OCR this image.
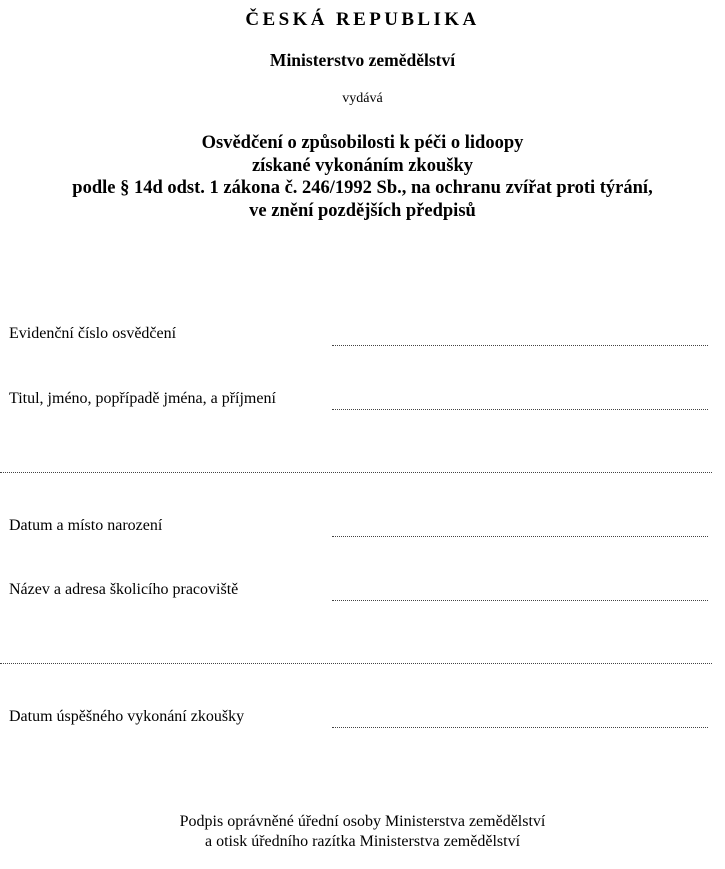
ČESKÁ REPUBLIKA
Ministerstvo zemědělství
vydává
Osvědčení o způsobilosti k péči o lidoopy
získané vykonáním zkoušky
podle § 14d odst. 1 zákona č. 246/1992 Sb., na ochranu zvířat proti týrání,
ve znění pozdějších předpisů
Evidenční číslo osvědčení
Titul, jméno, popřípadě jména, a příjmení
Datum a místo narození
Název a adresa školicího pracoviště
Datum úspěšného vykonání zkoušky
Podpis oprávněné úřední osoby Ministerstva zemědělství
a otisk úředního razítka Ministerstva zemědělství
